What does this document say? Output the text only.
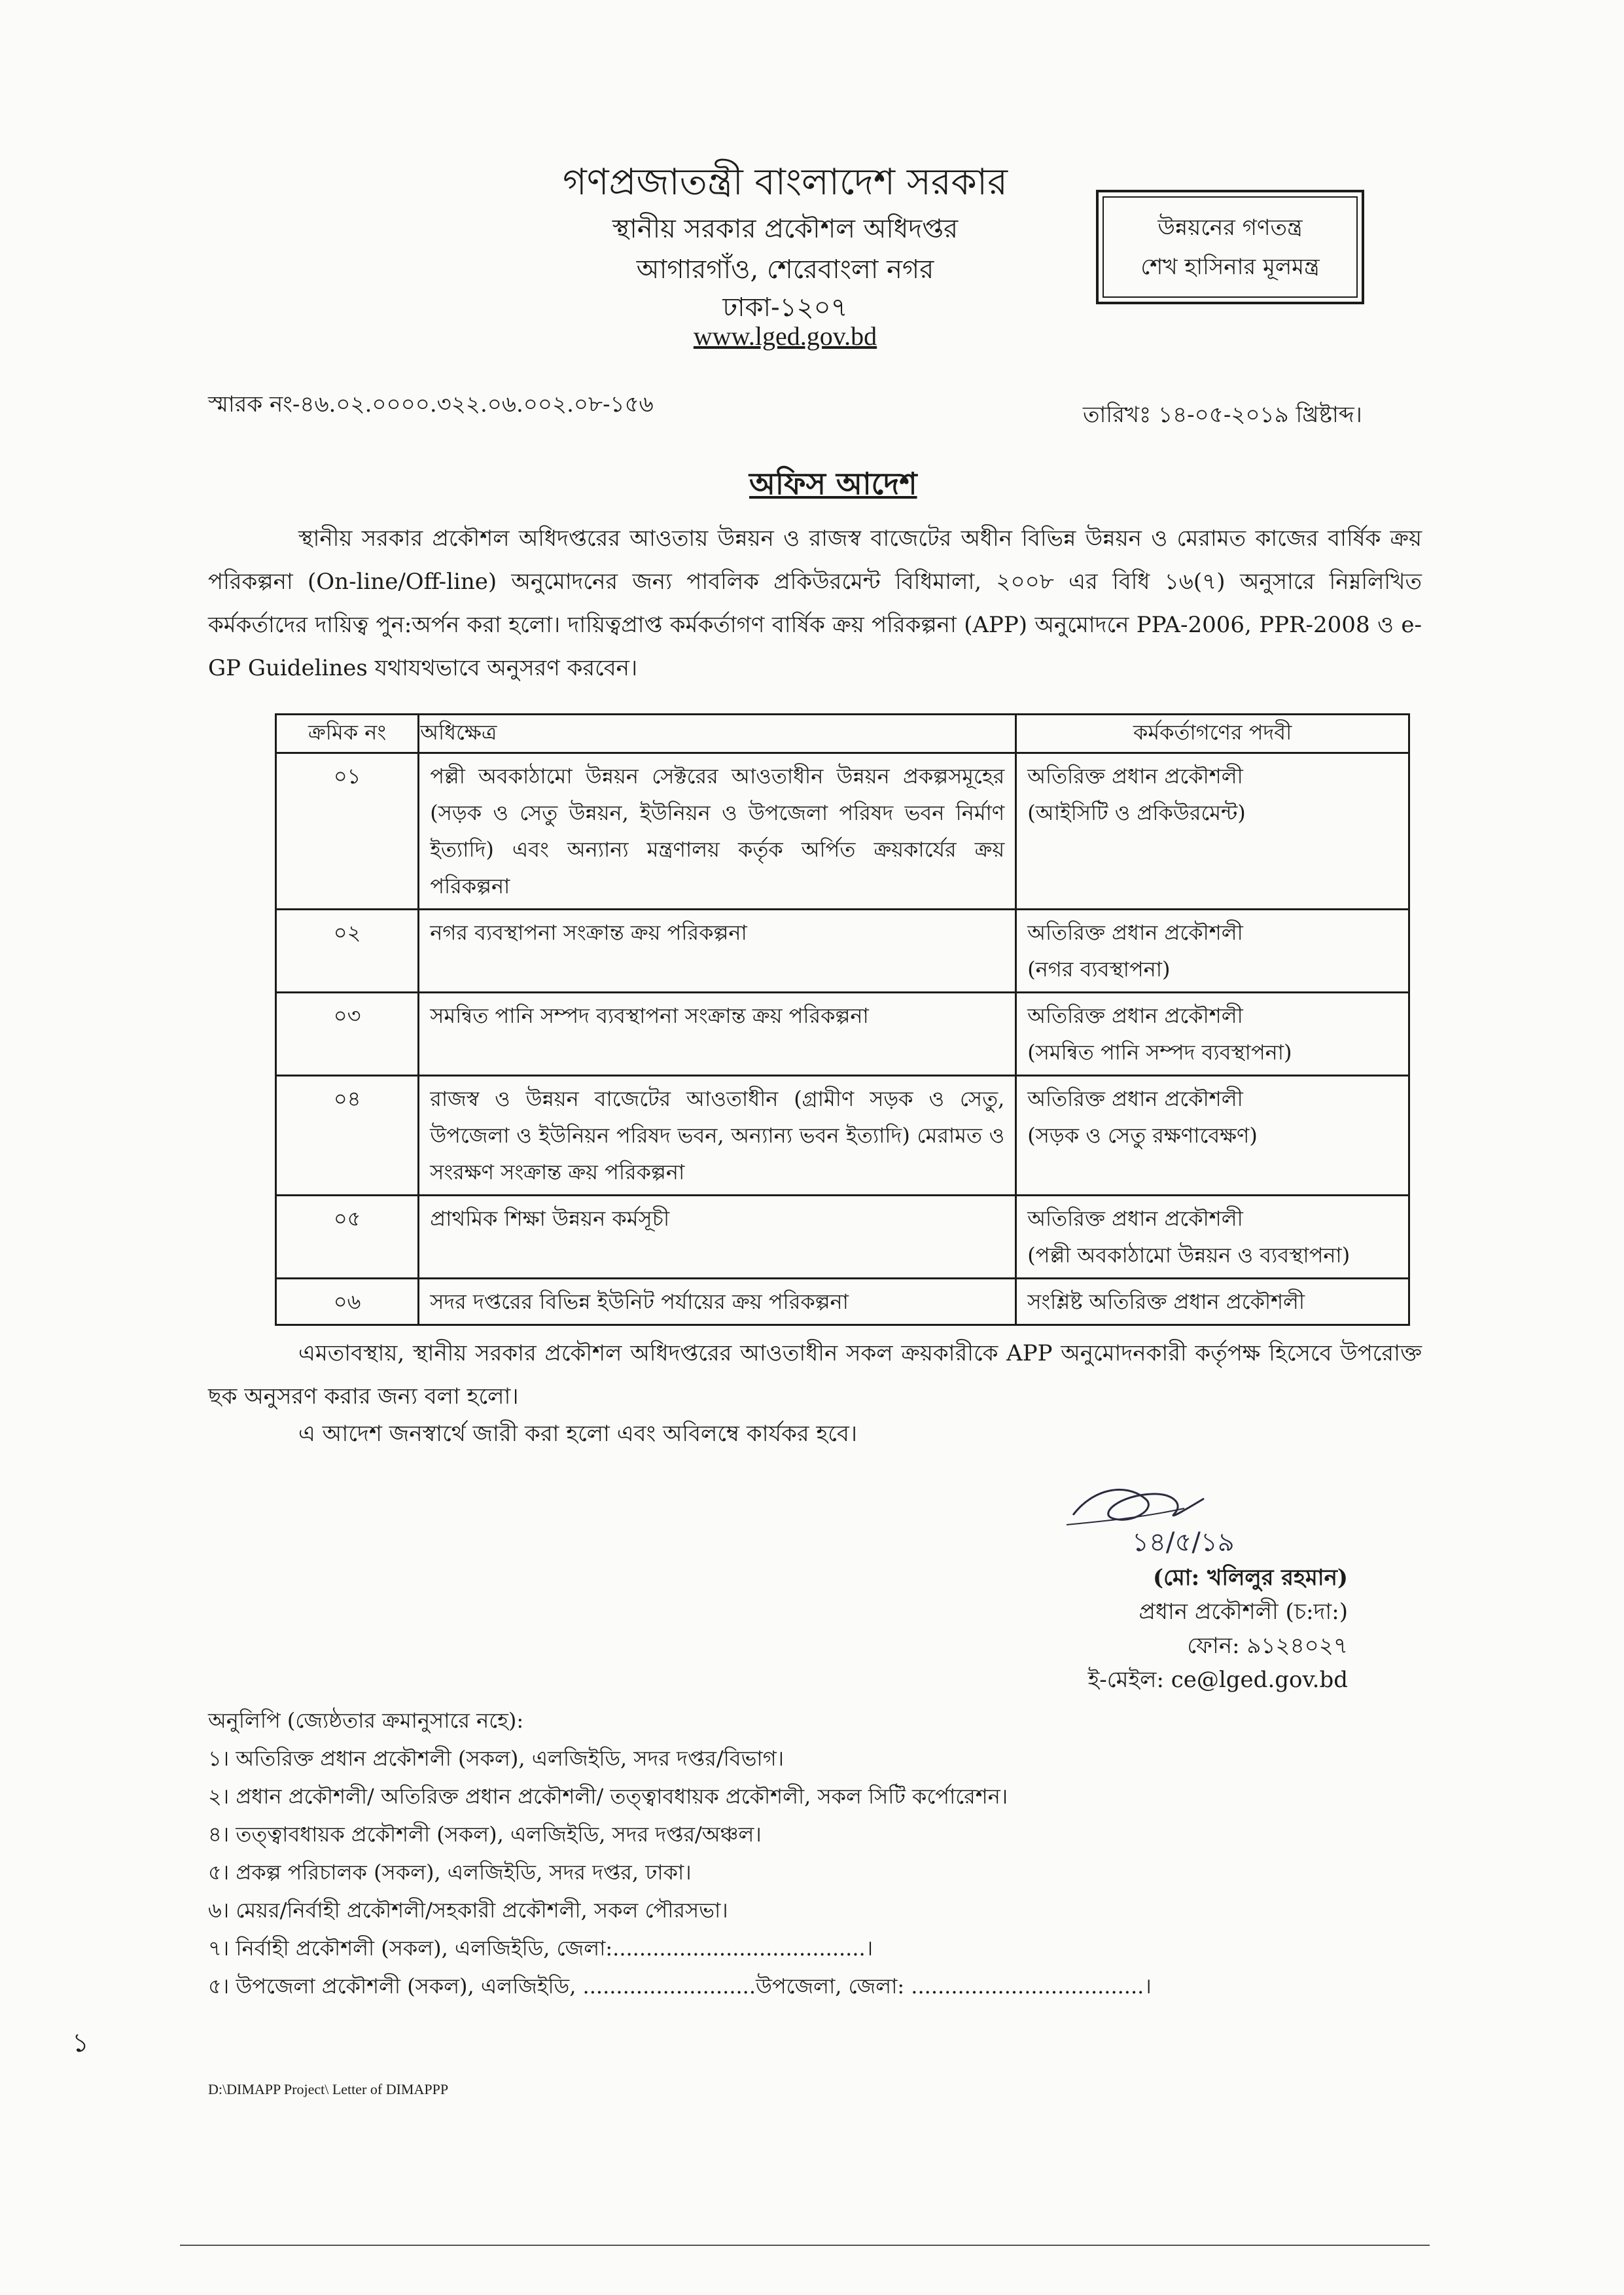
গণপ্রজাতন্ত্রী বাংলাদেশ সরকার
স্থানীয় সরকার প্রকৌশল অধিদপ্তর
আগারগাঁও, শেরেবাংলা নগর
ঢাকা-১২০৭
www.lged.gov.bd
উন্নয়নের গণতন্ত্র
শেখ হাসিনার মূলমন্ত্র
স্মারক নং-৪৬.০২.০০০০.৩২২.০৬.০০২.০৮-১৫৬	তারিখঃ ১৪-০৫-২০১৯ খ্রিষ্টাব্দ।
অফিস আদেশ
স্থানীয় সরকার প্রকৌশল অধিদপ্তরের আওতায় উন্নয়ন ও রাজস্ব বাজেটের অধীন বিভিন্ন উন্নয়ন ও মেরামত কাজের বার্ষিক ক্রয় পরিকল্পনা (On-line/Off-line) অনুমোদনের জন্য পাবলিক প্রকিউরমেন্ট বিধিমালা, ২০০৮ এর বিধি ১৬(৭) অনুসারে নিম্নলিখিত কর্মকর্তাদের দায়িত্ব পুন:অর্পন করা হলো। দায়িত্বপ্রাপ্ত কর্মকর্তাগণ বার্ষিক ক্রয় পরিকল্পনা (APP) অনুমোদনে PPA-2006, PPR-2008 ও e-GP Guidelines যথাযথভাবে অনুসরণ করবেন।
ক্রমিক নং	অধিক্ষেত্র	কর্মকর্তাগণের পদবী
০১	পল্লী অবকাঠামো উন্নয়ন সেক্টরের আওতাধীন উন্নয়ন প্রকল্পসমূহের (সড়ক ও সেতু উন্নয়ন, ইউনিয়ন ও উপজেলা পরিষদ ভবন নির্মাণ ইত্যাদি) এবং অন্যান্য মন্ত্রণালয় কর্তৃক অর্পিত ক্রয়কার্যের ক্রয় পরিকল্পনা	অতিরিক্ত প্রধান প্রকৌশলী
(আইসিটি ও প্রকিউরমেন্ট)

০২	নগর ব্যবস্থাপনা সংক্রান্ত ক্রয় পরিকল্পনা	অতিরিক্ত প্রধান প্রকৌশলী
(নগর ব্যবস্থাপনা)

০৩	সমন্বিত পানি সম্পদ ব্যবস্থাপনা সংক্রান্ত ক্রয় পরিকল্পনা	অতিরিক্ত প্রধান প্রকৌশলী
(সমন্বিত পানি সম্পদ ব্যবস্থাপনা)

০৪	রাজস্ব ও উন্নয়ন বাজেটের আওতাধীন (গ্রামীণ সড়ক ও সেতু, উপজেলা ও ইউনিয়ন পরিষদ ভবন, অন্যান্য ভবন ইত্যাদি) মেরামত ও সংরক্ষণ সংক্রান্ত ক্রয় পরিকল্পনা	অতিরিক্ত প্রধান প্রকৌশলী
(সড়ক ও সেতু রক্ষণাবেক্ষণ)

০৫	প্রাথমিক শিক্ষা উন্নয়ন কর্মসূচী	অতিরিক্ত প্রধান প্রকৌশলী
(পল্লী অবকাঠামো উন্নয়ন ও ব্যবস্থাপনা)

০৬	সদর দপ্তরের বিভিন্ন ইউনিট পর্যায়ের ক্রয় পরিকল্পনা	সংশ্লিষ্ট অতিরিক্ত প্রধান প্রকৌশলী
এমতাবস্থায়, স্থানীয় সরকার প্রকৌশল অধিদপ্তরের আওতাধীন সকল ক্রয়কারীকে APP অনুমোদনকারী কর্তৃপক্ষ হিসেবে উপরোক্ত ছক অনুসরণ করার জন্য বলা হলো।
এ আদেশ জনস্বার্থে জারী করা হলো এবং অবিলম্বে কার্যকর হবে।
১৪/৫/১৯
(মো: খলিলুর রহমান)
প্রধান প্রকৌশলী (চ:দা:)
ফোন: ৯১২৪০২৭
ই-মেইল: ce@lged.gov.bd
অনুলিপি (জ্যেষ্ঠতার ক্রমানুসারে নহে):
১। অতিরিক্ত প্রধান প্রকৌশলী (সকল), এলজিইডি, সদর দপ্তর/বিভাগ।
২। প্রধান প্রকৌশলী/ অতিরিক্ত প্রধান প্রকৌশলী/ তত্ত্বাবধায়ক প্রকৌশলী, সকল সিটি কর্পোরেশন।
৪। তত্ত্বাবধায়ক প্রকৌশলী (সকল), এলজিইডি, সদর দপ্তর/অঞ্চল।
৫। প্রকল্প পরিচালক (সকল), এলজিইডি, সদর দপ্তর, ঢাকা।
৬। মেয়র/নির্বাহী প্রকৌশলী/সহকারী প্রকৌশলী, সকল পৌরসভা।
৭। নির্বাহী প্রকৌশলী (সকল), এলজিইডি, জেলা:......................................।
৫। উপজেলা প্রকৌশলী (সকল), এলজিইডি, ..........................উপজেলা, জেলা: ...................................।
১
D:\DIMAPP Project\ Letter of DIMAPPP
